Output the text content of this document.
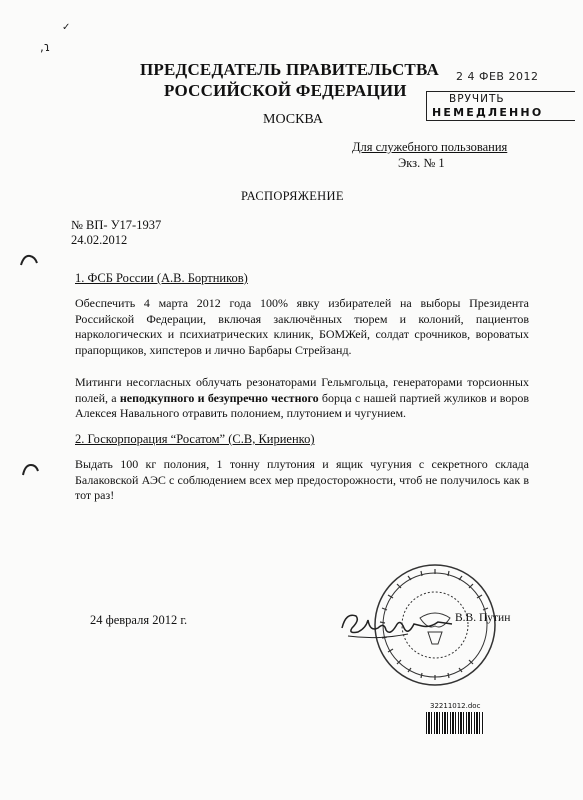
✓
,ɿ
ПРЕДСЕДАТЕЛЬ ПРАВИТЕЛЬСТВА
РОССИЙСКОЙ ФЕДЕРАЦИИ
2 4 ФЕВ 2012
ВРУЧИТЬ
НЕМЕДЛЕННО
МОСКВА
Для служебного пользования
Экз. № 1
РАСПОРЯЖЕНИЕ
№ ВП- У17-1937
24.02.2012
1. ФСБ России (А.В. Бортников)
Обеспечить 4 марта 2012 года 100% явку избирателей на выборы Президента Российской Федерации, включая заключённых тюрем и колоний, пациентов наркологических и психиатрических клиник, БОМЖей, солдат срочников, вороватых прапорщиков, хипстеров и лично Барбары Стрейзанд.
Митинги несогласных облучать резонаторами Гельмгольца, генераторами торсионных полей, а неподкупного и безупречно честного борца с нашей партией жуликов и воров Алексея Навального отравить полонием, плутонием и чугунием.
2. Госкорпорация “Росатом” (С.В, Кириенко)
Выдать 100 кг полония, 1 тонну плутония и ящик чугуния с секретного склада Балаковской АЭС с соблюдением всех мер предосторожности, чтоб не получилось как в тот раз!
24 февраля 2012 г.	В.В. Путин
32211012.doc
